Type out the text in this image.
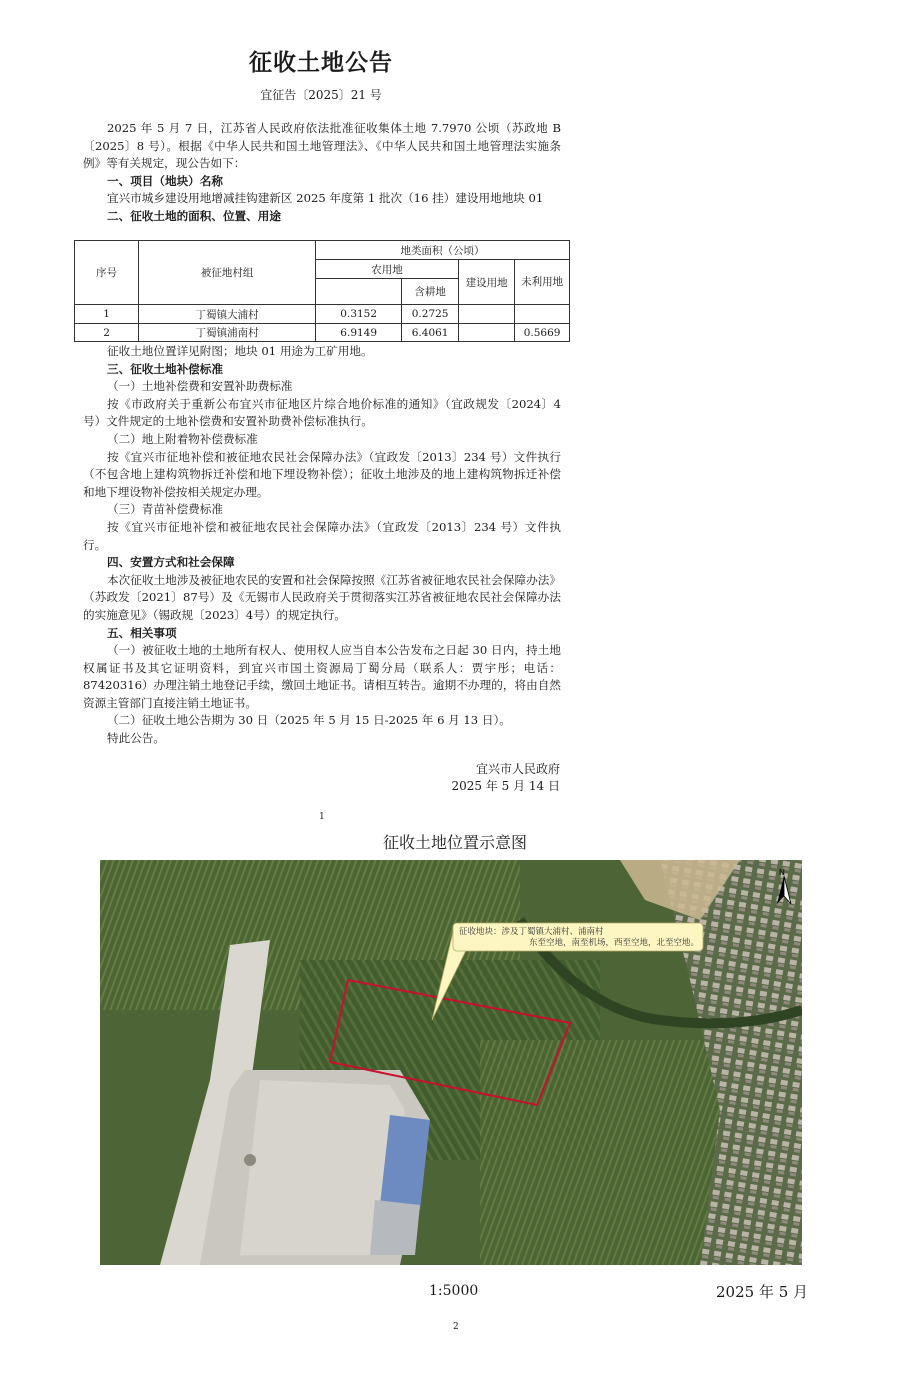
征收土地公告
宜征告〔2025〕21 号

2025 年 5 月 7 日，江苏省人民政府依法批准征收集体土地 7.7970 公顷（苏政地 B〔2025〕8 号）。根据《中华人民共和国土地管理法》、《中华人民共和国土地管理法实施条例》等有关规定，现公告如下：

一、项目（地块）名称

宜兴市城乡建设用地增减挂钩建新区 2025 年度第 1 批次（16 挂）建设用地地块 01

二、征收土地的面积、位置、用途

序号	被征地村组	地类面积（公顷）			
		农用地		建设用地	未利用地
			含耕地		
1	丁蜀镇大浦村	0.3152	0.2725		
2	丁蜀镇浦南村	6.9149	6.4061		0.5669

征收土地位置详见附图；地块 01 用途为工矿用地。

三、征收土地补偿标准

（一）土地补偿费和安置补助费标准

按《市政府关于重新公布宜兴市征地区片综合地价标准的通知》（宜政规发〔2024〕4 号）文件规定的土地补偿费和安置补助费补偿标准执行。

（二）地上附着物补偿费标准

按《宜兴市征地补偿和被征地农民社会保障办法》（宜政发〔2013〕234 号）文件执行（不包含地上建构筑物拆迁补偿和地下埋设物补偿）；征收土地涉及的地上建构筑物拆迁补偿和地下埋设物补偿按相关规定办理。

（三）青苗补偿费标准

按《宜兴市征地补偿和被征地农民社会保障办法》（宜政发〔2013〕234 号）文件执行。

四、安置方式和社会保障

本次征收土地涉及被征地农民的安置和社会保障按照《江苏省被征地农民社会保障办法》（苏政发〔2021〕87号）及《无锡市人民政府关于贯彻落实江苏省被征地农民社会保障办法的实施意见》（锡政规〔2023〕4号）的规定执行。

五、相关事项

（一）被征收土地的土地所有权人、使用权人应当自本公告发布之日起 30 日内，持土地权属证书及其它证明资料，到宜兴市国土资源局丁蜀分局（联系人：贾宇彤；电话：87420316）办理注销土地登记手续，缴回土地证书。请相互转告。逾期不办理的，将由自然资源主管部门直接注销土地证书。

（二）征收土地公告期为 30 日（2025 年 5 月 15 日-2025 年 6 月 13 日）。

特此公告。

宜兴市人民政府
2025 年 5 月 14 日
1
征收土地位置示意图
征收地块：涉及丁蜀镇大浦村、浦南村
东至空地，南至机场，西至空地，北至空地。
N
1:5000	2025 年 5 月
2
